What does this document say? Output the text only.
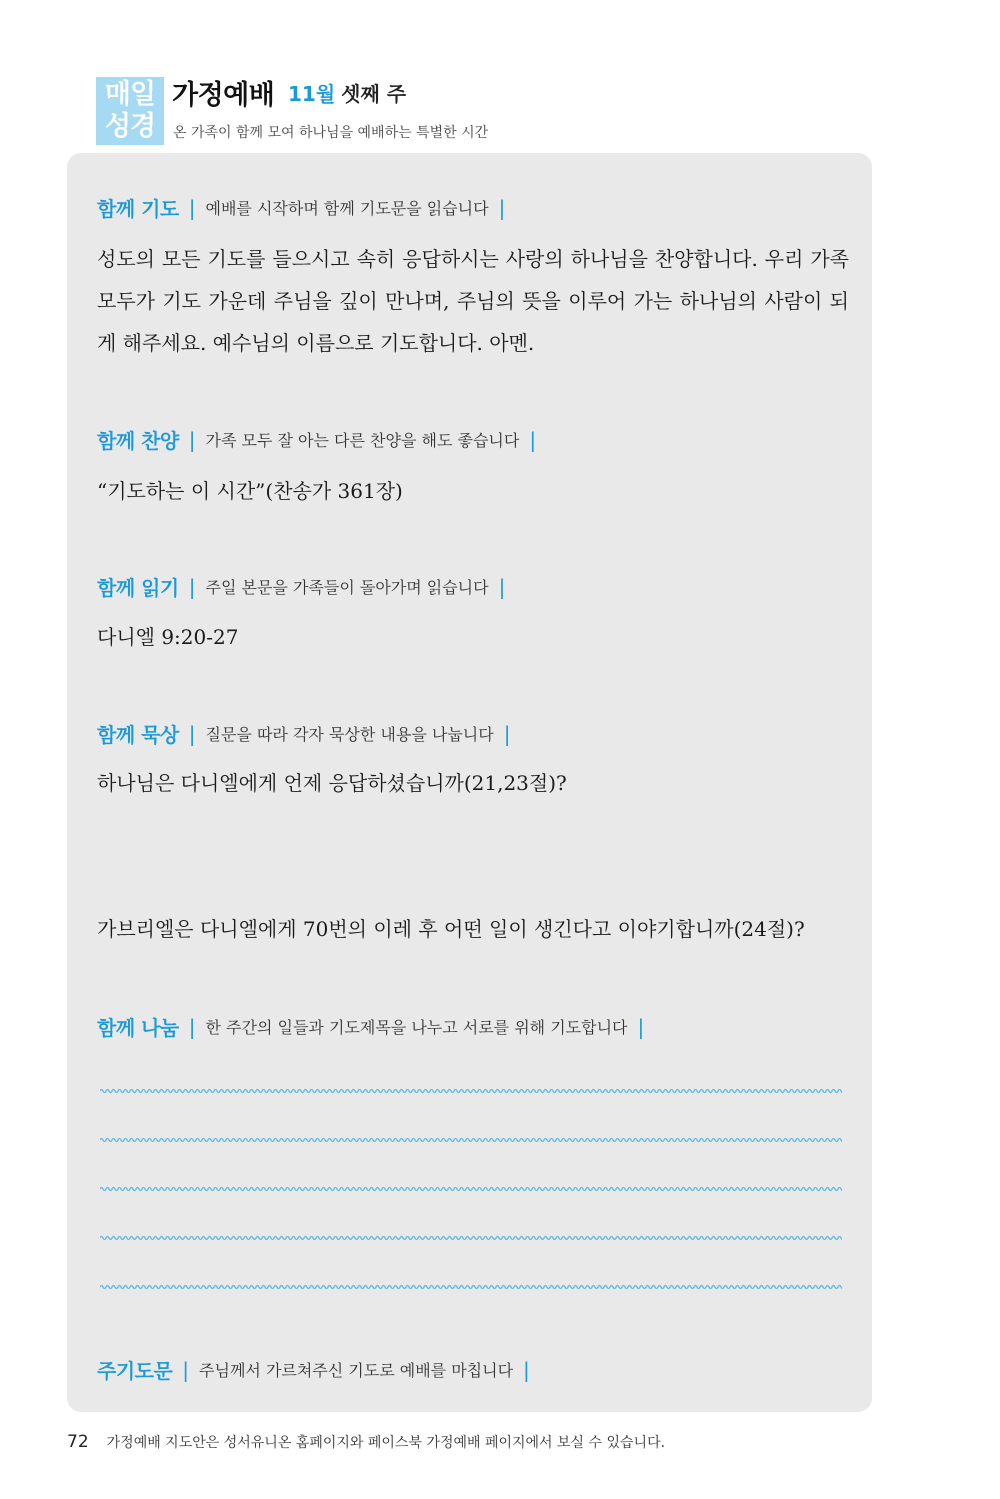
매일
성경
가정예배 11월 셋째 주
온 가족이 함께 모여 하나님을 예배하는 특별한 시간
함께 기도 | 예배를 시작하며 함께 기도문을 읽습니다 |
성도의 모든 기도를 들으시고 속히 응답하시는 사랑의 하나님을 찬양합니다. 우리 가족 모두가 기도 가운데 주님을 깊이 만나며, 주님의 뜻을 이루어 가는 하나님의 사람이 되게 해주세요. 예수님의 이름으로 기도합니다. 아멘.
함께 찬양 | 가족 모두 잘 아는 다른 찬양을 해도 좋습니다 |
“기도하는 이 시간”(찬송가 361장)
함께 읽기 | 주일 본문을 가족들이 돌아가며 읽습니다 |
다니엘 9:20-27
함께 묵상 | 질문을 따라 각자 묵상한 내용을 나눕니다 |
하나님은 다니엘에게 언제 응답하셨습니까(21,23절)?
가브리엘은 다니엘에게 70번의 이레 후 어떤 일이 생긴다고 이야기합니까(24절)?
함께 나눔 | 한 주간의 일들과 기도제목을 나누고 서로를 위해 기도합니다 |
주기도문 | 주님께서 가르쳐주신 기도로 예배를 마칩니다 |
72 가정예배 지도안은 성서유니온 홈페이지와 페이스북 가정예배 페이지에서 보실 수 있습니다.
